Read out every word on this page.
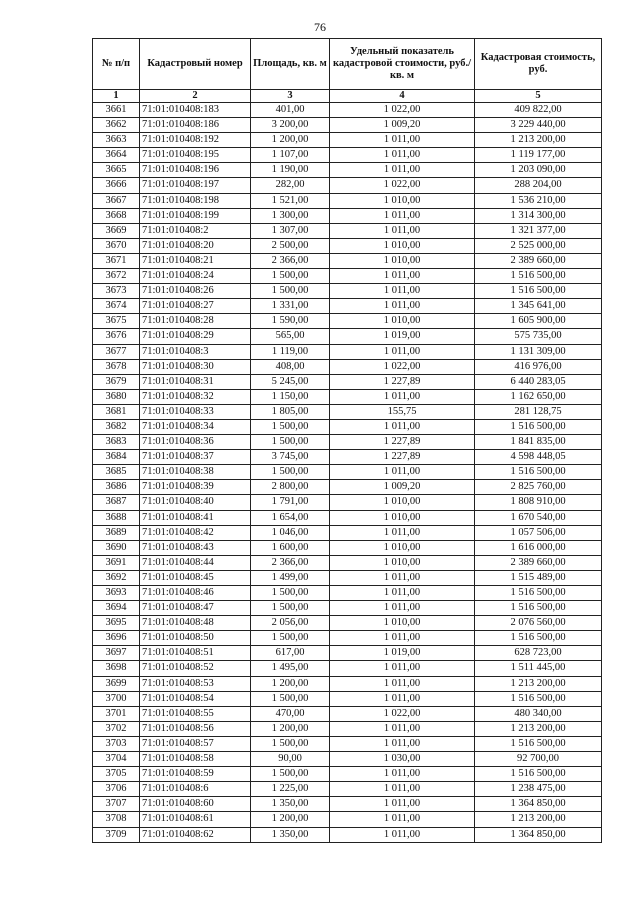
76
№ п/п	Кадастровый номер	Площадь, кв. м	Удельный показатель кадастровой стоимости, руб./кв. м	Кадастровая стоимость, руб.
1	2	3	4	5
3661	71:01:010408:183	401,00	1 022,00	409 822,00
3662	71:01:010408:186	3 200,00	1 009,20	3 229 440,00
3663	71:01:010408:192	1 200,00	1 011,00	1 213 200,00
3664	71:01:010408:195	1 107,00	1 011,00	1 119 177,00
3665	71:01:010408:196	1 190,00	1 011,00	1 203 090,00
3666	71:01:010408:197	282,00	1 022,00	288 204,00
3667	71:01:010408:198	1 521,00	1 010,00	1 536 210,00
3668	71:01:010408:199	1 300,00	1 011,00	1 314 300,00
3669	71:01:010408:2	1 307,00	1 011,00	1 321 377,00
3670	71:01:010408:20	2 500,00	1 010,00	2 525 000,00
3671	71:01:010408:21	2 366,00	1 010,00	2 389 660,00
3672	71:01:010408:24	1 500,00	1 011,00	1 516 500,00
3673	71:01:010408:26	1 500,00	1 011,00	1 516 500,00
3674	71:01:010408:27	1 331,00	1 011,00	1 345 641,00
3675	71:01:010408:28	1 590,00	1 010,00	1 605 900,00
3676	71:01:010408:29	565,00	1 019,00	575 735,00
3677	71:01:010408:3	1 119,00	1 011,00	1 131 309,00
3678	71:01:010408:30	408,00	1 022,00	416 976,00
3679	71:01:010408:31	5 245,00	1 227,89	6 440 283,05
3680	71:01:010408:32	1 150,00	1 011,00	1 162 650,00
3681	71:01:010408:33	1 805,00	155,75	281 128,75
3682	71:01:010408:34	1 500,00	1 011,00	1 516 500,00
3683	71:01:010408:36	1 500,00	1 227,89	1 841 835,00
3684	71:01:010408:37	3 745,00	1 227,89	4 598 448,05
3685	71:01:010408:38	1 500,00	1 011,00	1 516 500,00
3686	71:01:010408:39	2 800,00	1 009,20	2 825 760,00
3687	71:01:010408:40	1 791,00	1 010,00	1 808 910,00
3688	71:01:010408:41	1 654,00	1 010,00	1 670 540,00
3689	71:01:010408:42	1 046,00	1 011,00	1 057 506,00
3690	71:01:010408:43	1 600,00	1 010,00	1 616 000,00
3691	71:01:010408:44	2 366,00	1 010,00	2 389 660,00
3692	71:01:010408:45	1 499,00	1 011,00	1 515 489,00
3693	71:01:010408:46	1 500,00	1 011,00	1 516 500,00
3694	71:01:010408:47	1 500,00	1 011,00	1 516 500,00
3695	71:01:010408:48	2 056,00	1 010,00	2 076 560,00
3696	71:01:010408:50	1 500,00	1 011,00	1 516 500,00
3697	71:01:010408:51	617,00	1 019,00	628 723,00
3698	71:01:010408:52	1 495,00	1 011,00	1 511 445,00
3699	71:01:010408:53	1 200,00	1 011,00	1 213 200,00
3700	71:01:010408:54	1 500,00	1 011,00	1 516 500,00
3701	71:01:010408:55	470,00	1 022,00	480 340,00
3702	71:01:010408:56	1 200,00	1 011,00	1 213 200,00
3703	71:01:010408:57	1 500,00	1 011,00	1 516 500,00
3704	71:01:010408:58	90,00	1 030,00	92 700,00
3705	71:01:010408:59	1 500,00	1 011,00	1 516 500,00
3706	71:01:010408:6	1 225,00	1 011,00	1 238 475,00
3707	71:01:010408:60	1 350,00	1 011,00	1 364 850,00
3708	71:01:010408:61	1 200,00	1 011,00	1 213 200,00
3709	71:01:010408:62	1 350,00	1 011,00	1 364 850,00
